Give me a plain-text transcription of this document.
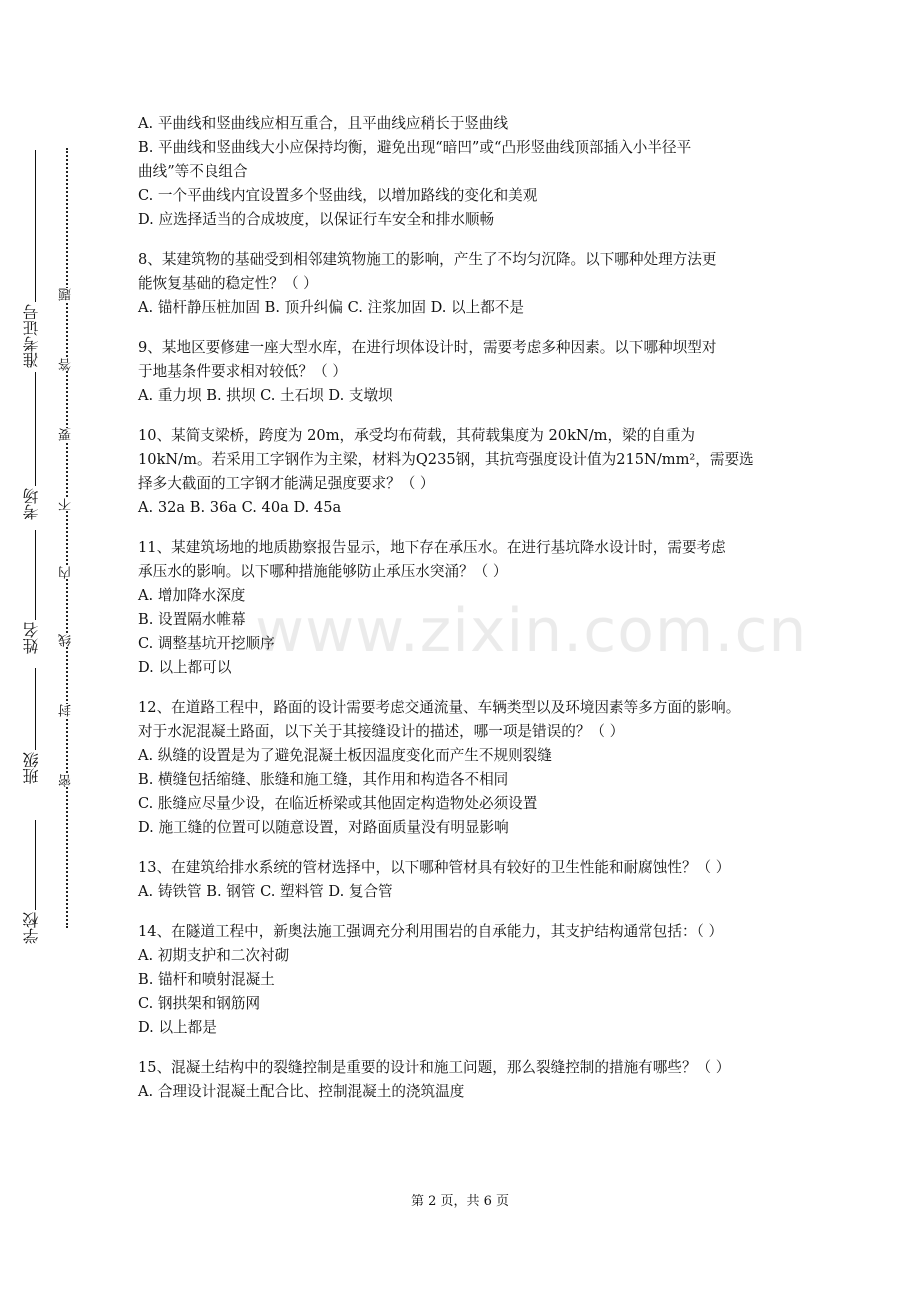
学校
班级
姓名
考场
准考证号
密
封
线
内
不
要
答
题
A. 平曲线和竖曲线应相互重合，且平曲线应稍长于竖曲线
B. 平曲线和竖曲线大小应保持均衡，避免出现“暗凹”或“凸形竖曲线顶部插入小半径平
曲线”等不良组合
C. 一个平曲线内宜设置多个竖曲线，以增加路线的变化和美观
D. 应选择适当的合成坡度，以保证行车安全和排水顺畅
8、某建筑物的基础受到相邻建筑物施工的影响，产生了不均匀沉降。以下哪种处理方法更
能恢复基础的稳定性？（ ）
A. 锚杆静压桩加固 B. 顶升纠偏 C. 注浆加固 D. 以上都不是
9、某地区要修建一座大型水库，在进行坝体设计时，需要考虑多种因素。以下哪种坝型对
于地基条件要求相对较低？（ ）
A. 重力坝 B. 拱坝 C. 土石坝 D. 支墩坝
10、某简支梁桥，跨度为 20m，承受均布荷载，其荷载集度为 20kN/m，梁的自重为
10kN/m。若采用工字钢作为主梁，材料为Q235钢，其抗弯强度设计值为215N/mm²，需要选
择多大截面的工字钢才能满足强度要求？（ ）
A. 32a B. 36a C. 40a D. 45a
11、某建筑场地的地质勘察报告显示，地下存在承压水。在进行基坑降水设计时，需要考虑
承压水的影响。以下哪种措施能够防止承压水突涌？（ ）
A. 增加降水深度
B. 设置隔水帷幕
C. 调整基坑开挖顺序
D. 以上都可以
12、在道路工程中，路面的设计需要考虑交通流量、车辆类型以及环境因素等多方面的影响。
对于水泥混凝土路面，以下关于其接缝设计的描述，哪一项是错误的？（ ）
A. 纵缝的设置是为了避免混凝土板因温度变化而产生不规则裂缝
B. 横缝包括缩缝、胀缝和施工缝，其作用和构造各不相同
C. 胀缝应尽量少设，在临近桥梁或其他固定构造物处必须设置
D. 施工缝的位置可以随意设置，对路面质量没有明显影响
13、在建筑给排水系统的管材选择中，以下哪种管材具有较好的卫生性能和耐腐蚀性？（ ）
A. 铸铁管 B. 钢管 C. 塑料管 D. 复合管
14、在隧道工程中，新奥法施工强调充分利用围岩的自承能力，其支护结构通常包括：（ ）
A. 初期支护和二次衬砌
B. 锚杆和喷射混凝土
C. 钢拱架和钢筋网
D. 以上都是
15、混凝土结构中的裂缝控制是重要的设计和施工问题，那么裂缝控制的措施有哪些？（ ）
A. 合理设计混凝土配合比、控制混凝土的浇筑温度
www.zixin.com.cn
第 2 页，共 6 页
